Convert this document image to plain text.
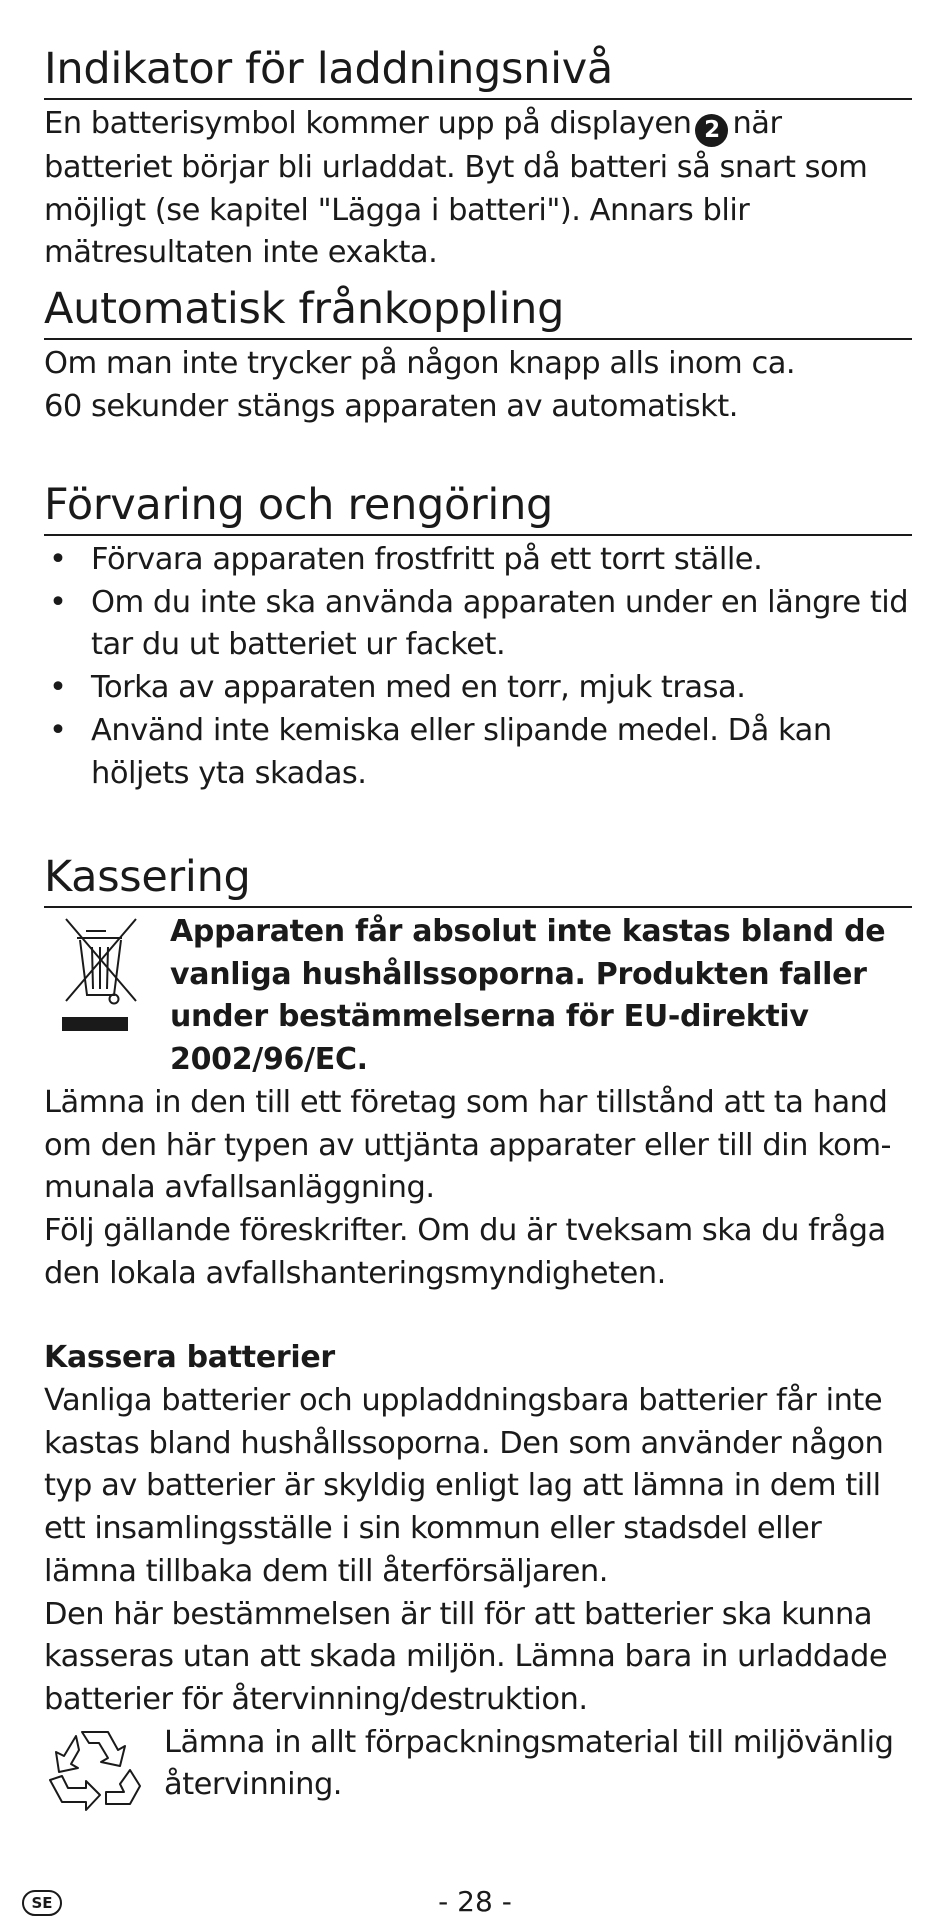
Indikator för laddningsnivå

En batterisymbol kommer upp på displayen 2 när batteriet börjar bli urladdat. Byt då batteri så snart som möjligt (se kapitel "Lägga i batteri"). Annars blir mätresultaten inte exakta.

Automatisk frånkoppling

Om man inte trycker på någon knapp alls inom ca.

60 sekunder stängs apparaten av automatiskt.

Förvaring och rengöring
• Förvara apparaten frostfritt på ett torrt ställe.
• Om du inte ska använda apparaten under en längre tid tar du ut batteriet ur facket.
• Torka av apparaten med en torr, mjuk trasa.
• Använd inte kemiska eller slipande medel. Då kan höljets yta skadas.
Kassering

Apparaten får absolut inte kastas bland de vanliga hushållssoporna. Produkten faller under bestämmelserna för EU-direktiv 2002/96/EC.

Lämna in den till ett företag som har tillstånd att ta hand om den här typen av uttjänta apparater eller till din kom-munala avfallsanläggning.

Följ gällande föreskrifter. Om du är tveksam ska du fråga den lokala avfallshanteringsmyndigheten.

Kassera batterier

Vanliga batterier och uppladdningsbara batterier får inte kastas bland hushållssoporna. Den som använder någon typ av batterier är skyldig enligt lag att lämna in dem till ett insamlingsställe i sin kommun eller stadsdel eller lämna tillbaka dem till återförsäljaren.

Den här bestämmelsen är till för att batterier ska kunna kasseras utan att skada miljön. Lämna bara in urladdade batterier för återvinning/destruktion.

Lämna in allt förpackningsmaterial till miljövänlig återvinning.

SE	- 28 -
